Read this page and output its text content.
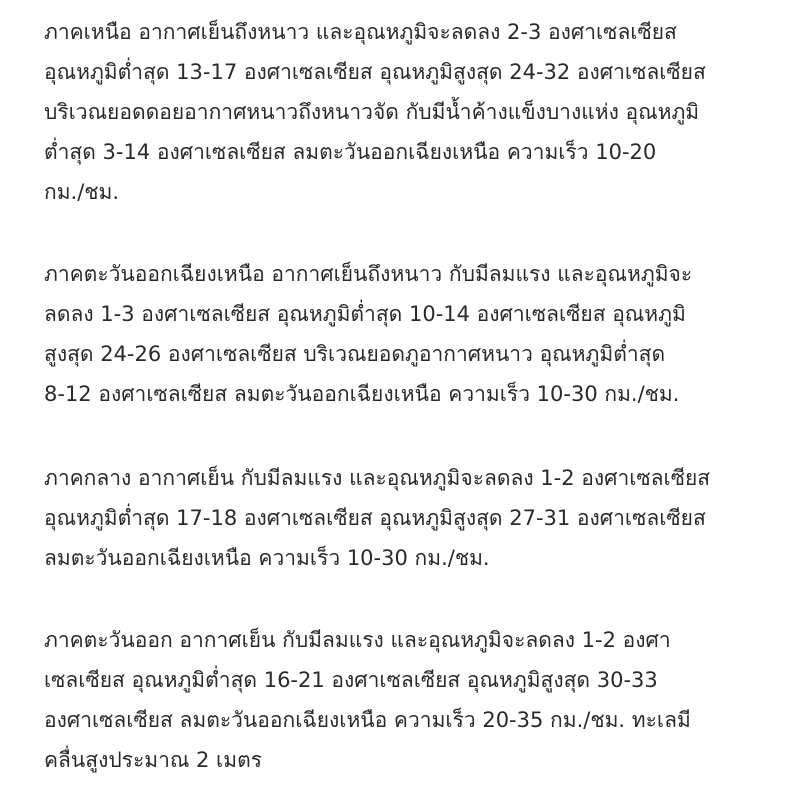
ภาคเหนือ อากาศเย็นถึงหนาว และอุณหภูมิจะลดลง 2-3 องศาเซลเซียส
อุณหภูมิต่ำสุด 13-17 องศาเซลเซียส อุณหภูมิสูงสุด 24-32 องศาเซลเซียส
บริเวณยอดดอยอากาศหนาวถึงหนาวจัด กับมีน้ำค้างแข็งบางแห่ง อุณหภูมิ
ต่ำสุด 3-14 องศาเซลเซียส ลมตะวันออกเฉียงเหนือ ความเร็ว 10-20
กม./ชม.

ภาคตะวันออกเฉียงเหนือ อากาศเย็นถึงหนาว กับมีลมแรง และอุณหภูมิจะ
ลดลง 1-3 องศาเซลเซียส อุณหภูมิต่ำสุด 10-14 องศาเซลเซียส อุณหภูมิ
สูงสุด 24-26 องศาเซลเซียส บริเวณยอดภูอากาศหนาว อุณหภูมิต่ำสุด
8-12 องศาเซลเซียส ลมตะวันออกเฉียงเหนือ ความเร็ว 10-30 กม./ชม.

ภาคกลาง อากาศเย็น กับมีลมแรง และอุณหภูมิจะลดลง 1-2 องศาเซลเซียส
อุณหภูมิต่ำสุด 17-18 องศาเซลเซียส อุณหภูมิสูงสุด 27-31 องศาเซลเซียส
ลมตะวันออกเฉียงเหนือ ความเร็ว 10-30 กม./ชม.

ภาคตะวันออก อากาศเย็น กับมีลมแรง และอุณหภูมิจะลดลง 1-2 องศา
เซลเซียส อุณหภูมิต่ำสุด 16-21 องศาเซลเซียส อุณหภูมิสูงสุด 30-33
องศาเซลเซียส ลมตะวันออกเฉียงเหนือ ความเร็ว 20-35 กม./ชม. ทะเลมี
คลื่นสูงประมาณ 2 เมตร
